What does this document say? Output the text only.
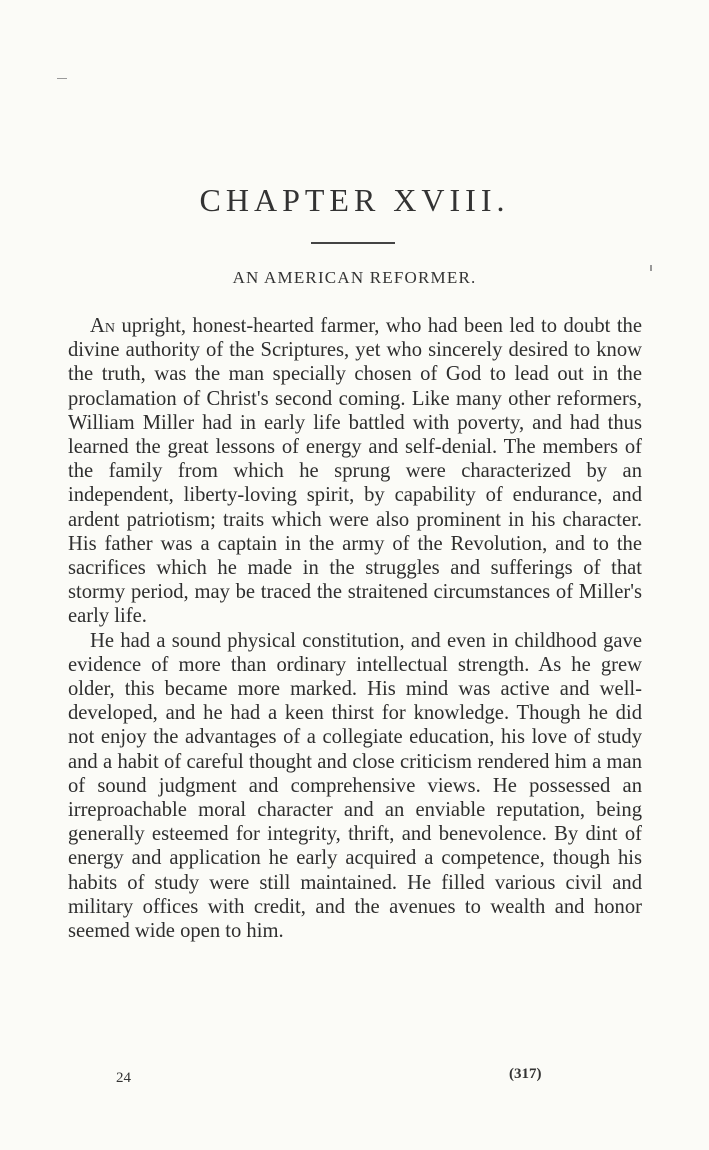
CHAPTER XVIII.
AN AMERICAN REFORMER.

An upright, honest-hearted farmer, who had been led to doubt the divine authority of the Scriptures, yet who sincerely desired to know the truth, was the man specially chosen of God to lead out in the proclamation of Christ's second coming. Like many other reformers, William Miller had in early life battled with poverty, and had thus learned the great lessons of energy and self-denial. The members of the family from which he sprung were characterized by an independent, liberty-loving spirit, by capability of endurance, and ardent patriotism; traits which were also prominent in his character. His father was a captain in the army of the Revolution, and to the sacrifices which he made in the struggles and sufferings of that stormy period, may be traced the straitened circumstances of Miller's early life.

He had a sound physical constitution, and even in childhood gave evidence of more than ordinary intellectual strength. As he grew older, this became more marked. His mind was active and well-developed, and he had a keen thirst for knowledge. Though he did not enjoy the advantages of a collegiate education, his love of study and a habit of careful thought and close criticism rendered him a man of sound judgment and comprehensive views. He possessed an irreproachable moral character and an enviable reputation, being generally esteemed for integrity, thrift, and benevolence. By dint of energy and application he early acquired a competence, though his habits of study were still maintained. He filled various civil and military offices with credit, and the avenues to wealth and honor seemed wide open to him.

24	(317)
